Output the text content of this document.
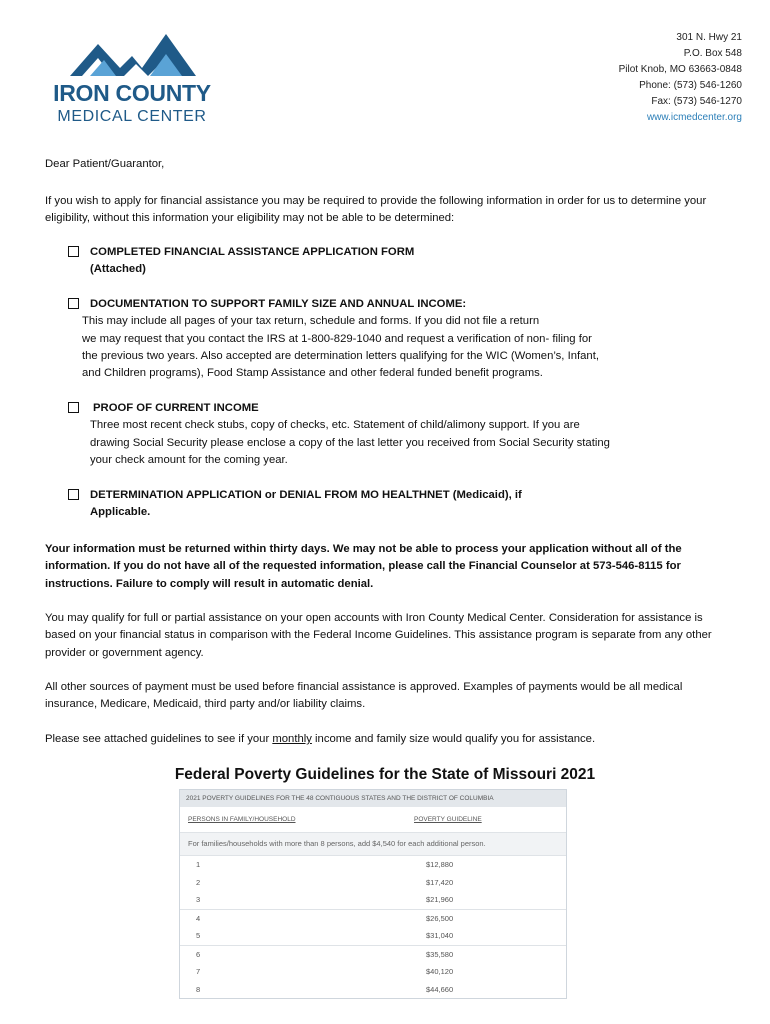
IRON COUNTY
MEDICAL CENTER
301 N. Hwy 21
P.O. Box 548
Pilot Knob, MO 63663-0848
Phone: (573) 546-1260
Fax: (573) 546-1270
www.icmedcenter.org
Dear Patient/Guarantor,
If you wish to apply for financial assistance you may be required to provide the following information in order for us to determine your eligibility, without this information your eligibility may not be able to be determined:
COMPLETED FINANCIAL ASSISTANCE APPLICATION FORM
(Attached)
DOCUMENTATION TO SUPPORT FAMILY SIZE AND ANNUAL INCOME:
This may include all pages of your tax return, schedule and forms. If you did not file a return
we may request that you contact the IRS at 1-800-829-1040 and request a verification of non- filing for
the previous two years. Also accepted are determination letters qualifying for the WIC (Women’s, Infant,
and Children programs), Food Stamp Assistance and other federal funded benefit programs.
PROOF OF CURRENT INCOME
Three most recent check stubs, copy of checks, etc. Statement of child/alimony support. If you are
drawing Social Security please enclose a copy of the last letter you received from Social Security stating
your check amount for the coming year.
DETERMINATION APPLICATION or DENIAL FROM MO HEALTHNET (Medicaid), if
Applicable.
Your information must be returned within thirty days. We may not be able to process your application without all of the information. If you do not have all of the requested information, please call the Financial Counselor at 573-546-8115 for instructions. Failure to comply will result in automatic denial.
You may qualify for full or partial assistance on your open accounts with Iron County Medical Center. Consideration for assistance is based on your financial status in comparison with the Federal Income Guidelines. This assistance program is separate from any other provider or government agency.
All other sources of payment must be used before financial assistance is approved. Examples of payments would be all medical insurance, Medicare, Medicaid, third party and/or liability claims.
Please see attached guidelines to see if your monthly income and family size would qualify you for assistance.
Federal Poverty Guidelines for the State of Missouri 2021
2021 POVERTY GUIDELINES FOR THE 48 CONTIGUOUS STATES AND THE DISTRICT OF COLUMBIA
PERSONS IN FAMILY/HOUSEHOLD	POVERTY GUIDELINE
For families/households with more than 8 persons, add $4,540 for each additional person.
1	$12,880
2	$17,420
3	$21,960
4	$26,500
5	$31,040
6	$35,580
7	$40,120
8	$44,660
